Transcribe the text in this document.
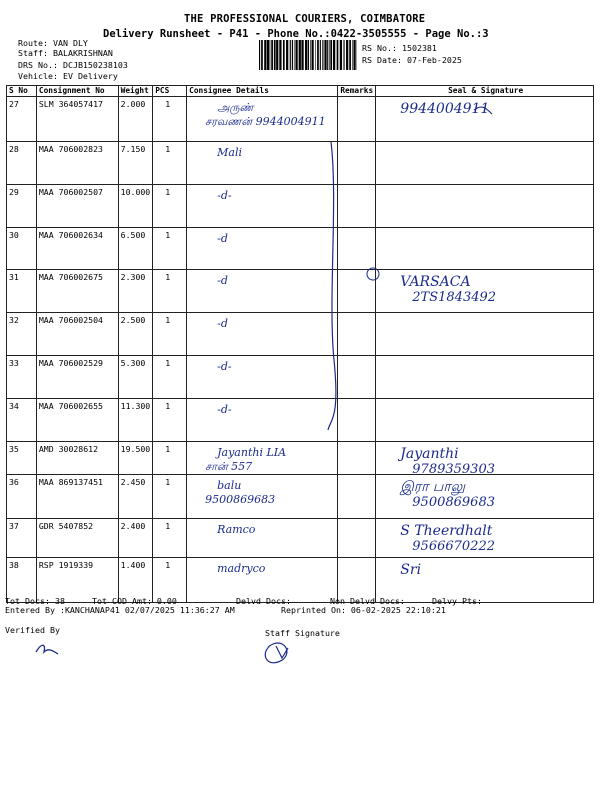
THE PROFESSIONAL COURIERS, COIMBATORE
Delivery Runsheet - P41 - Phone No.:0422-3505555 - Page No.:3
Route: VAN DLY
Staff: BALAKRISHNAN
DRS No.: DCJB150238103
Vehicle: EV Delivery
RS No.: 1502381
RS Date: 07-Feb-2025
S No	Consignment No	Weight	PCS	Consignee Details	Remarks	Seal & Signature
27	SLM 364057417	2.000	1	அருண்
சரவணன் 9944004911		9944004911

28	MAA 706002823	7.150	1	Mali		

29	MAA 706002507	10.000	1	-d-		

30	MAA 706002634	6.500	1	-d		

31	MAA 706002675	2.300	1	-d		VARSACA
2TS1843492

32	MAA 706002504	2.500	1	-d		

33	MAA 706002529	5.300	1	-d-		

34	MAA 706002655	11.300	1	-d-		

35	AMD 30028612	19.500	1	Jayanthi LIA
சான் 557		Jayanthi
9789359303

36	MAA 869137451	2.450	1	balu
9500869683		இரா பாலு
9500869683

37	GDR 5407852	2.400	1	Ramco		S Theerdhalt
9566670222

38	RSP 1919339	1.400	1	madryco		Sri
Tot Docs: 38	Tot COD Amt: 0.00	Delvd Docs:	Non Delvd Docs:	Delvy Pts:
Entered By :KANCHANAP41 02/07/2025 11:36:27 AM	Reprinted On: 06-02-2025 22:10:21
Verified By	Staff Signature
